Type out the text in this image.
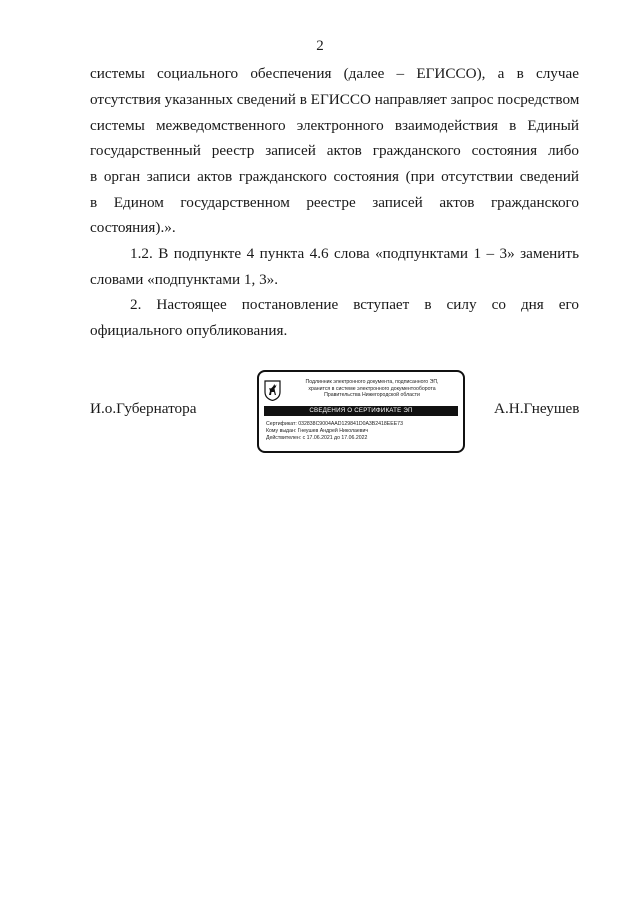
2
системы социального обеспечения (далее – ЕГИССО), а в случае
отсутствия указанных сведений в ЕГИССО направляет запрос посредством
системы межведомственного электронного взаимодействия в Единый
государственный реестр записей актов гражданского состояния либо
в орган записи актов гражданского состояния (при отсутствии сведений
в Едином государственном реестре записей актов гражданского
состояния).».
1.2. В подпункте 4 пункта 4.6 слова «подпунктами 1 – 3» заменить
словами «подпунктами 1, 3».
2. Настоящее постановление вступает в силу со дня его
официального опубликования.
И.о.Губернатора
Подлинник электронного документа, подписанного ЭП,
хранится в системе электронного документооборота
Правительства Нижегородской области
СВЕДЕНИЯ О СЕРТИФИКАТЕ ЭП
Сертификат: 032838C9004AAD129841D0A3B2418EEE73
Кому выдан: Гнеушев Андрей Николаевич
Действителен: с 17.06.2021 до 17.06.2022
А.Н.Гнеушев
